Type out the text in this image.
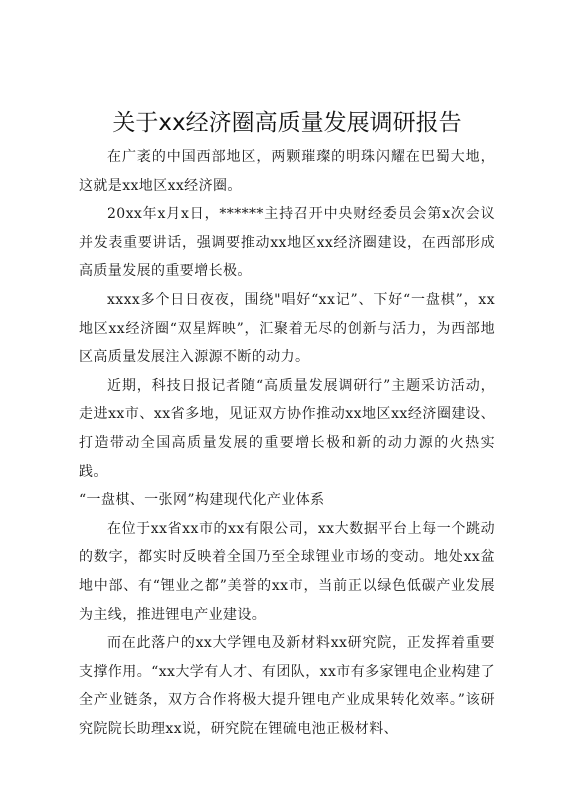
关于xx经济圈高质量发展调研报告

在广袤的中国西部地区，两颗璀璨的明珠闪耀在巴蜀大地，这就是xx地区xx经济圈。

20xx年x月x日，******主持召开中央财经委员会第x次会议并发表重要讲话，强调要推动xx地区xx经济圈建设，在西部形成高质量发展的重要增长极。

xxxx多个日日夜夜，围绕"唱好“xx记”、下好“一盘棋”，xx地区xx经济圈“双星辉映”，汇聚着无尽的创新与活力，为西部地区高质量发展注入源源不断的动力。

近期，科技日报记者随“高质量发展调研行”主题采访活动，走进xx市、xx省多地，见证双方协作推动xx地区xx经济圈建设、打造带动全国高质量发展的重要增长极和新的动力源的火热实践。

“一盘棋、一张网”构建现代化产业体系

在位于xx省xx市的xx有限公司，xx大数据平台上每一个跳动的数字，都实时反映着全国乃至全球锂业市场的变动。地处xx盆地中部、有“锂业之都”美誉的xx市，当前正以绿色低碳产业发展为主线，推进锂电产业建设。

而在此落户的xx大学锂电及新材料xx研究院，正发挥着重要支撑作用。“xx大学有人才、有团队，xx市有多家锂电企业构建了全产业链条，双方合作将极大提升锂电产业成果转化效率。”该研究院院长助理xx说，研究院在锂硫电池正极材料、
